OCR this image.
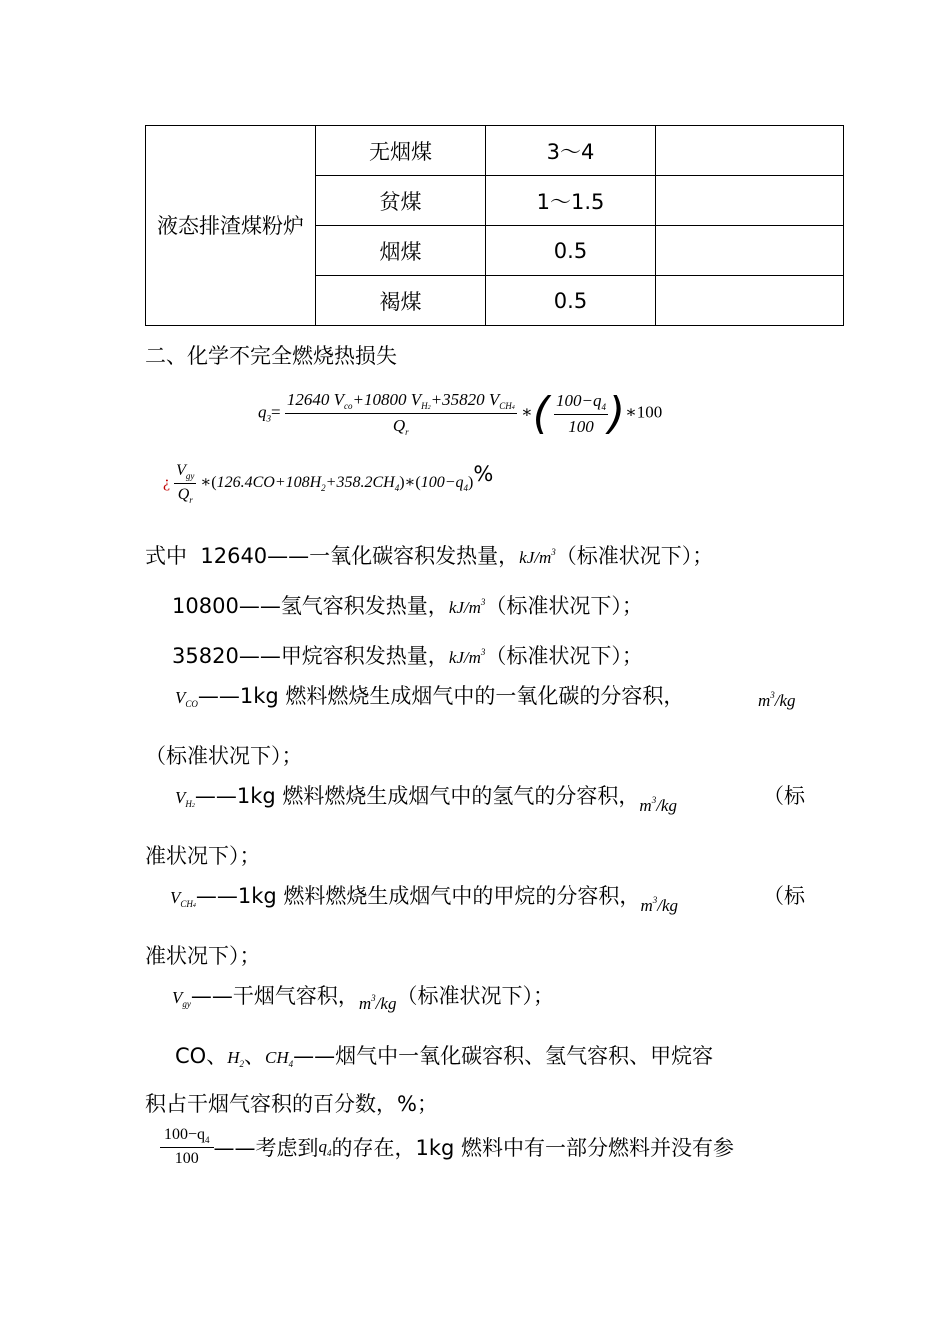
液态排渣煤粉炉	无烟煤	3～4	
	贫煤	1～1.5	
	烟煤	0.5	
	褐煤	0.5	
二、化学不完全燃烧热损失
$q_3= \frac{12640 V_{co}+10800 V_{H2}+35820 V_{CH4}}{Q_r}$ ∗( $\frac{100-q_4}{100}$ )∗100
¿ $\frac{V_{gy}}{Q_r}$ $∗(126.4CO+108H_2+358.2CH_4)∗(100-q_4)\%$
式中 12640——一氧化碳容积发热量，$kJ/m^3$（标准状况下）；
10800——氢气容积发热量，$kJ/m^3$（标准状况下）；
35820——甲烷容积发热量，$kJ/m^3$（标准状况下）；
$V_{CO}——1kg$ 燃料燃烧生成烟气中的一氧化碳的分容积，	$m^3/kg$
（标准状况下）；
$V_{H2}——1kg$ 燃料燃烧生成烟气中的氢气的分容积，$_{m^3/kg}$	（标
准状况下）；
$V_{CH4}——1kg$ 燃料燃烧生成烟气中的甲烷的分容积，$_{m^3/kg}$	（标
准状况下）；
$V_{gy}——$干烟气容积，$_{m^3/kg}$（标准状况下）；
CO、$H_2$、$CH_4——$烟气中一氧化碳容积、氢气容积、甲烷容
积占干烟气容积的百分数，%；
$\frac{100-q_4}{100}$ ——考虑到$q_4$的存在，1kg 燃料中有一部分燃料并没有参
